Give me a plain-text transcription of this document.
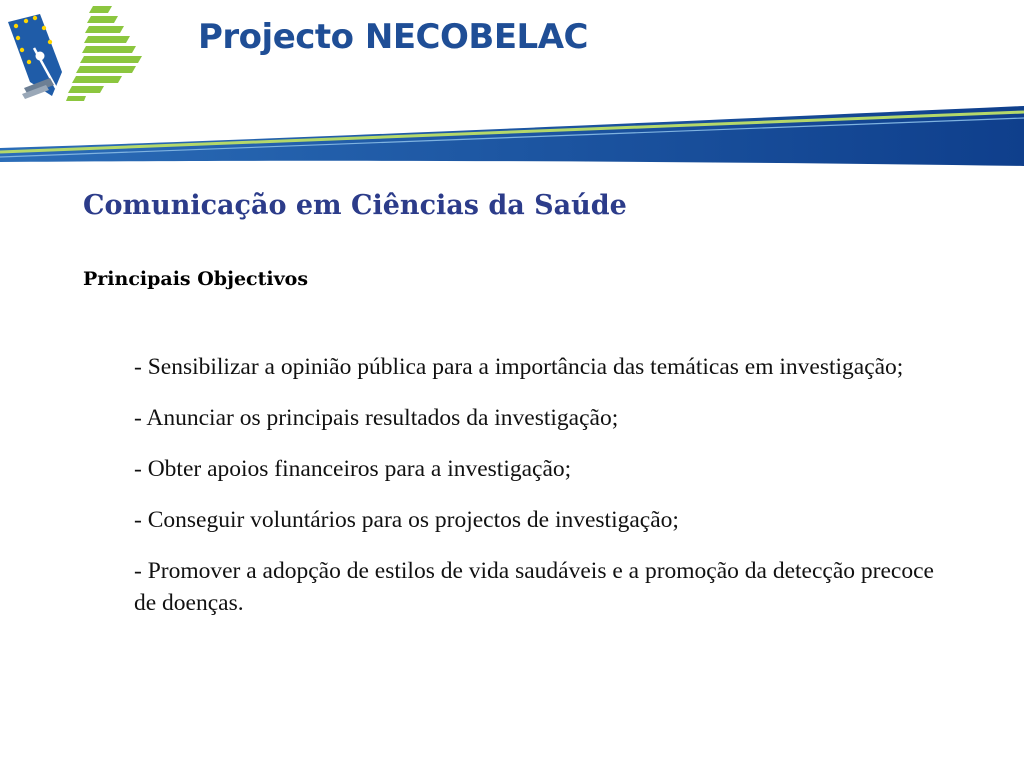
Projecto NECOBELAC
Comunicação em Ciências da Saúde
Principais Objectivos
- Sensibilizar a opinião pública para a importância das temáticas em investigação;
- Anunciar os principais resultados da investigação;
- Obter apoios financeiros para a investigação;
- Conseguir voluntários para os projectos de investigação;
- Promover a adopção de estilos de vida saudáveis e a promoção da detecção precoce de doenças.
